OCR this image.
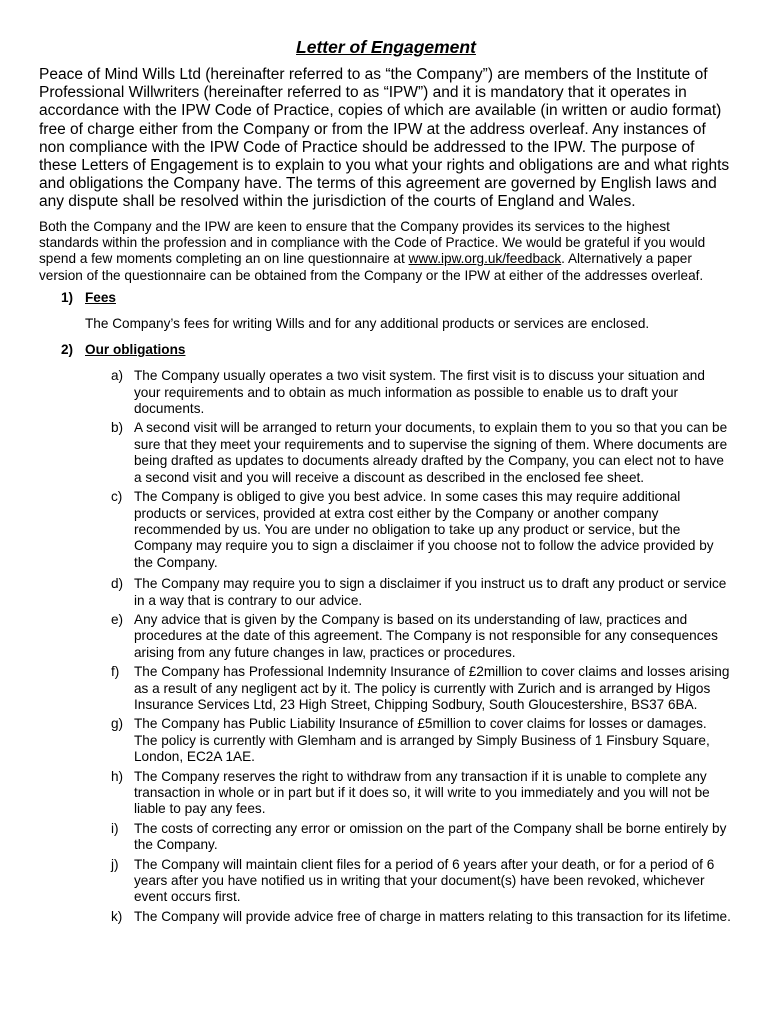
Letter of Engagement

Peace of Mind Wills Ltd (hereinafter referred to as “the Company”) are members of the Institute of Professional Willwriters (hereinafter referred to as “IPW”) and it is mandatory that it operates in accordance with the IPW Code of Practice, copies of which are available (in written or audio format) free of charge either from the Company or from the IPW at the address overleaf. Any instances of non compliance with the IPW Code of Practice should be addressed to the IPW. The purpose of these Letters of Engagement is to explain to you what your rights and obligations are and what rights and obligations the Company have. The terms of this agreement are governed by English laws and any dispute shall be resolved within the jurisdiction of the courts of England and Wales.

Both the Company and the IPW are keen to ensure that the Company provides its services to the highest standards within the profession and in compliance with the Code of Practice. We would be grateful if you would spend a few moments completing an on line questionnaire at www.ipw.org.uk/feedback. Alternatively a paper version of the questionnaire can be obtained from the Company or the IPW at either of the addresses overleaf.

1) Fees

The Company’s fees for writing Wills and for any additional products or services are enclosed.

2) Our obligations
a) The Company usually operates a two visit system. The first visit is to discuss your situation and your requirements and to obtain as much information as possible to enable us to draft your documents.
b) A second visit will be arranged to return your documents, to explain them to you so that you can be sure that they meet your requirements and to supervise the signing of them. Where documents are being drafted as updates to documents already drafted by the Company, you can elect not to have a second visit and you will receive a discount as described in the enclosed fee sheet.
c) The Company is obliged to give you best advice. In some cases this may require additional products or services, provided at extra cost either by the Company or another company recommended by us. You are under no obligation to take up any product or service, but the Company may require you to sign a disclaimer if you choose not to follow the advice provided by the Company.
d) The Company may require you to sign a disclaimer if you instruct us to draft any product or service in a way that is contrary to our advice.
e) Any advice that is given by the Company is based on its understanding of law, practices and procedures at the date of this agreement. The Company is not responsible for any consequences arising from any future changes in law, practices or procedures.
f) The Company has Professional Indemnity Insurance of £2million to cover claims and losses arising as a result of any negligent act by it. The policy is currently with Zurich and is arranged by Higos Insurance Services Ltd, 23 High Street, Chipping Sodbury, South Gloucestershire, BS37 6BA.
g) The Company has Public Liability Insurance of £5million to cover claims for losses or damages. The policy is currently with Glemham and is arranged by Simply Business of 1 Finsbury Square, London, EC2A 1AE.
h) The Company reserves the right to withdraw from any transaction if it is unable to complete any transaction in whole or in part but if it does so, it will write to you immediately and you will not be liable to pay any fees.
i) The costs of correcting any error or omission on the part of the Company shall be borne entirely by the Company.
j) The Company will maintain client files for a period of 6 years after your death, or for a period of 6 years after you have notified us in writing that your document(s) have been revoked, whichever event occurs first.
k) The Company will provide advice free of charge in matters relating to this transaction for its lifetime.
